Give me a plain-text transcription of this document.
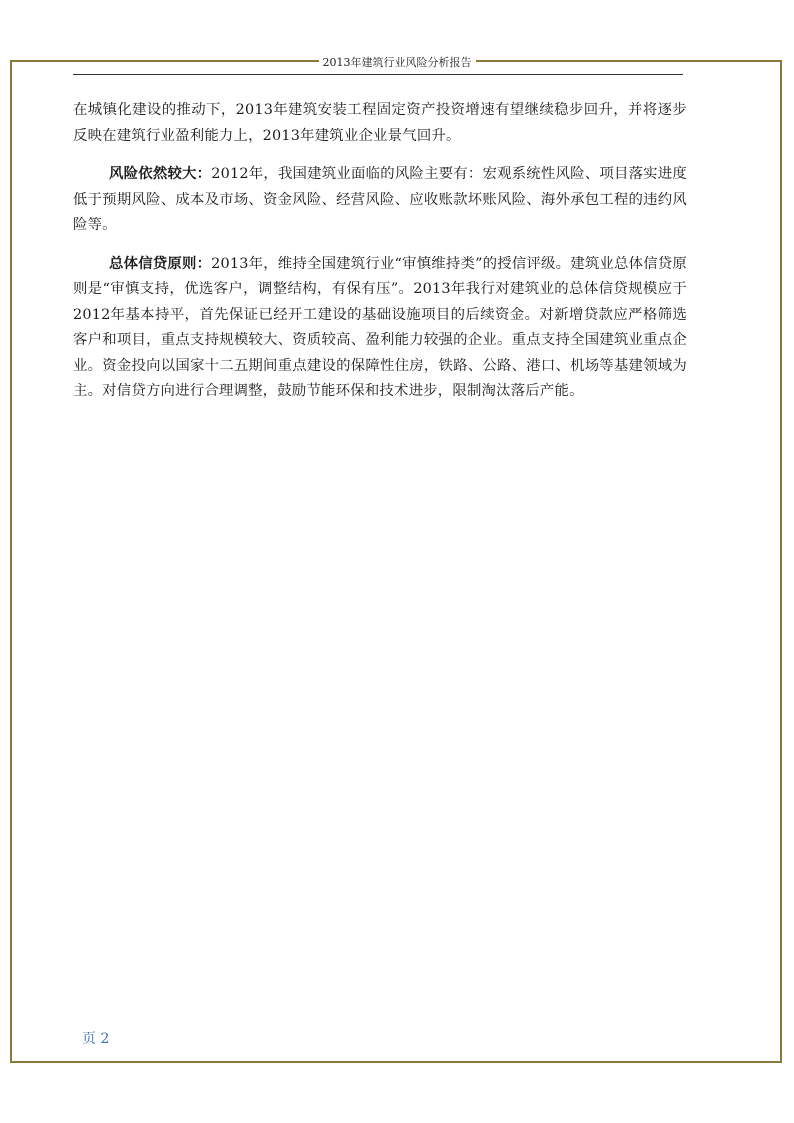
2013年建筑行业风险分析报告

在城镇化建设的推动下，2013年建筑安装工程固定资产投资增速有望继续稳步回升，并将逐步反映在建筑行业盈利能力上，2013年建筑业企业景气回升。

风险依然较大：2012年，我国建筑业面临的风险主要有：宏观系统性风险、项目落实进度低于预期风险、成本及市场、资金风险、经营风险、应收账款坏账风险、海外承包工程的违约风险等。

总体信贷原则：2013年，维持全国建筑行业“审慎维持类”的授信评级。建筑业总体信贷原则是“审慎支持，优选客户，调整结构，有保有压”。2013年我行对建筑业的总体信贷规模应于2012年基本持平，首先保证已经开工建设的基础设施项目的后续资金。对新增贷款应严格筛选客户和项目，重点支持规模较大、资质较高、盈利能力较强的企业。重点支持全国建筑业重点企业。资金投向以国家十二五期间重点建设的保障性住房，铁路、公路、港口、机场等基建领域为主。对信贷方向进行合理调整，鼓励节能环保和技术进步，限制淘汰落后产能。

页 2
